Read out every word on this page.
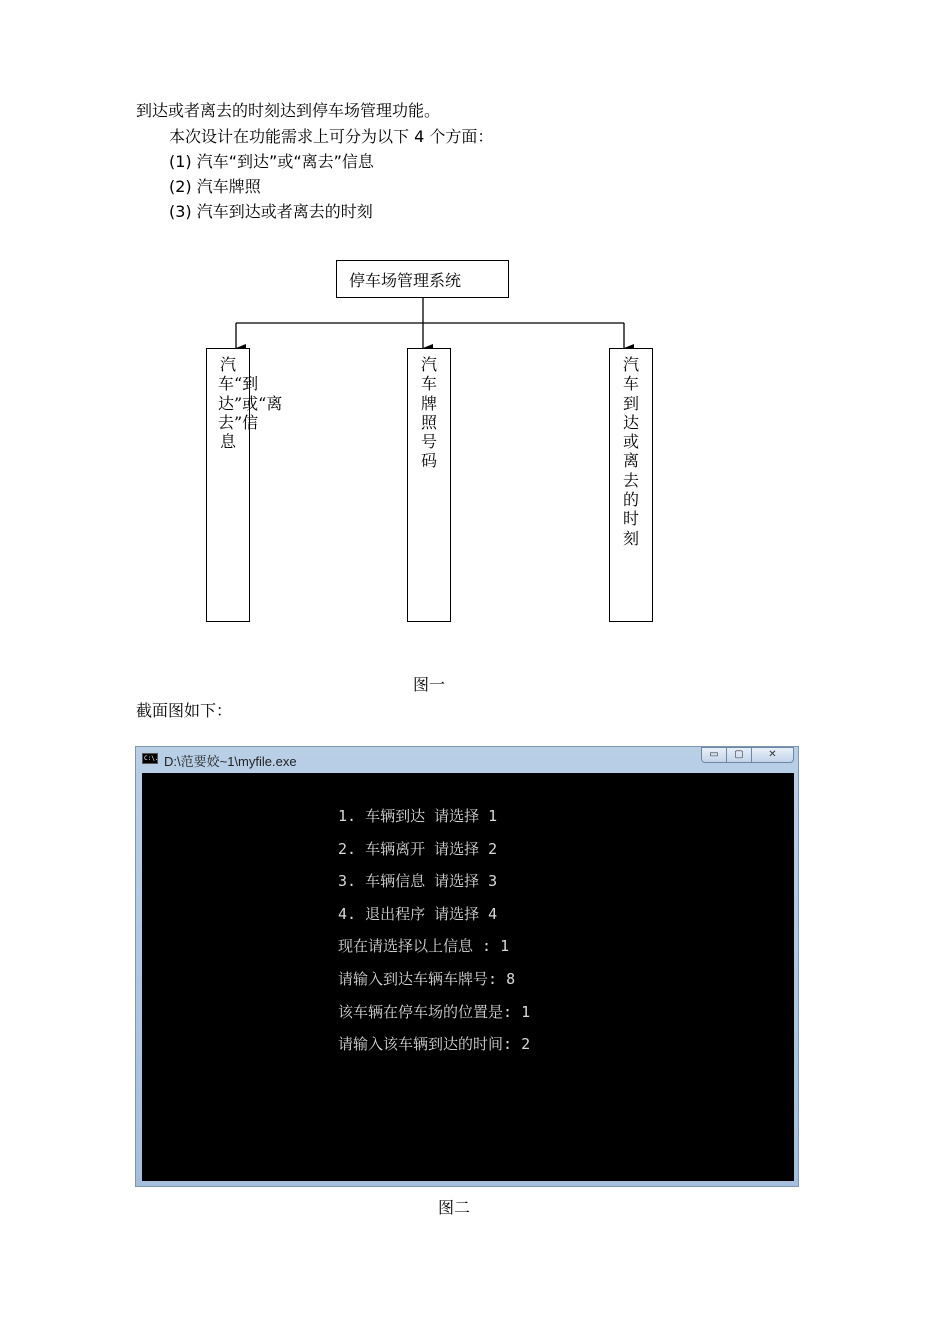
到达或者离去的时刻达到停车场管理功能。
本次设计在功能需求上可分为以下 4 个方面：
(1) 汽车“到达”或“离去”信息
(2) 汽车牌照
(3) 汽车到达或者离去的时刻
停车场管理系统
汽车“到达”或“离去”信息
汽 车牌照号码
汽车到达或离去的时刻
图一
截面图如下：
C:\. D:\范要姣~1\myfile.exe	▭	▢	✕
1. 车辆到达 请选择 1
2. 车辆离开 请选择 2
3. 车辆信息 请选择 3
4. 退出程序 请选择 4
现在请选择以上信息 : 1
请输入到达车辆车牌号: 8
该车辆在停车场的位置是: 1
请输入该车辆到达的时间: 2
图二
